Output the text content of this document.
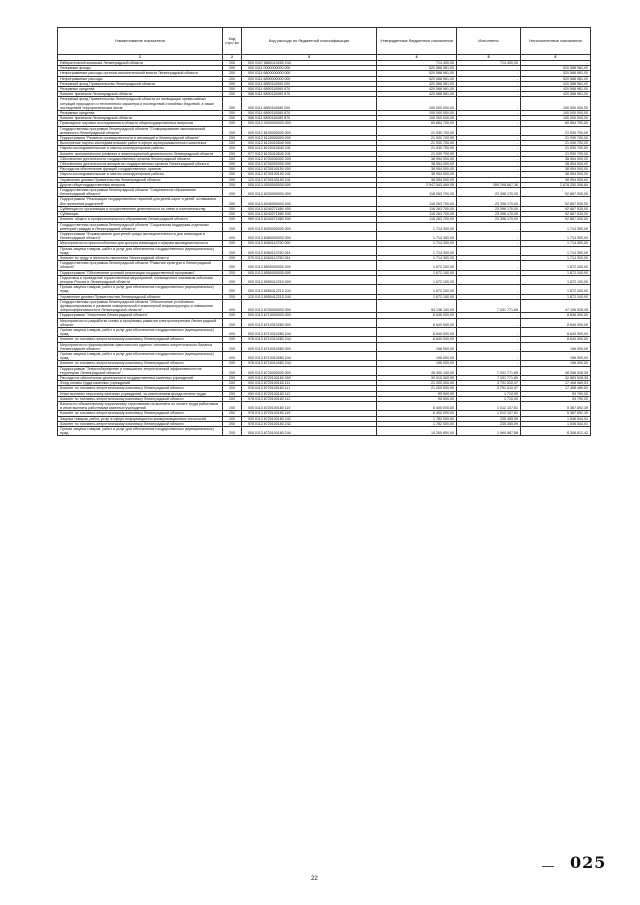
Наименование показателя	Код стро ки	Код расхода по бюджетной классификации	Утвержденные бюджетные назначения	Исполнено	Неисполненные назначения
1	2	3	4	5	6
Избирательной комиссии Ленинградской области	200	000 0107 6880110050 244	714 400,00	714 400,00	-
Резервные фонды	200	000 0111 0000000000 000	520 588 981,00	-	520 588 981,00
Непрограммные расходы органов исполнительной власти Ленинградской области	200	000 0111 6800000000 000	520 588 981,00	-	520 588 981,00
Непрограммные расходы	200	000 0111 6890000000 000	520 588 981,00	-	520 588 981,00
Резервный фонд Правительства Ленинградской области	200	000 0111 6890110060 000	420 588 981,00	-	420 588 981,00
Резервные средства	200	000 0111 6890110060 870	420 588 981,00	-	420 588 981,00
Комитет финансов Ленинградской области	200	986 0111 6890110060 870	420 588 981,00	-	420 588 981,00
Резервный фонд Правительства Ленинградской области по ликвидации чрезвычайных ситуаций природного и техногенного характера и последствий стихийных бедствий, а также последствий террористических актов	200	000 0111 6890110080 000	100 000 000,00	-	100 000 000,00
Резервные средства	200	000 0111 6890110080 870	100 000 000,00	-	100 000 000,00
Комитет финансов Ленинградской области	200	986 0111 6890110080 870	100 000 000,00	-	100 000 000,00
Прикладные научные исследования в области общегосударственных вопросов	200	000 0112 0000000000 000	60 884 700,00	-	60 884 700,00
Государственная программа Ленинградской области "Стимулирование экономической активности Ленинградской области"	200	000 0112 6100000000 000	21 930 700,00	-	21 930 700,00
Подпрограмма "Развитие промышленности и инноваций в Ленинградской области"	200	000 0112 6120000000 000	21 930 700,00	-	21 930 700,00
Выполнение научно-исследовательских работ в сфере агропромышленного комплекса	200	000 0112 6120410540 000	21 930 700,00	-	21 930 700,00
Научно-исследовательские и опытно-конструкторские работы	200	000 0112 6120410540 241	21 930 700,00	-	21 930 700,00
Комитет экономического развития и инвестиционной деятельности Ленинградской области	200	977 0112 6120410540 241	21 930 700,00	-	21 930 700,00
Обеспечение деятельности государственных органов Ленинградской области	200	000 0112 6700000000 000	38 954 000,00	-	38 954 000,00
Обеспечение деятельности аппаратов государственных органов Ленинградской области	200	000 0112 6730000000 000	38 954 000,00	-	38 954 000,00
Расходы на обеспечение функций государственных органов	200	000 0112 6730100150 000	38 954 000,00	-	38 954 000,00
Научно-исследовательские и опытно-конструкторские работы	200	000 0112 6730100150 241	38 954 000,00	-	38 954 000,00
Управление делами Правительства Ленинградской области	200	120 0112 6730100150 241	38 954 000,00	-	38 954 000,00
Другие общегосударственные вопросы	200	000 0113 0000000000 000	2 947 543 469,00	269 298 667,36	2 678 250 308,84
Государственная программа Ленинградской области "Современное образование Ленинградской области"	200	000 0113 6200000000 000	116 263 700,00	23 396 170,00	92 867 530,00
Подпрограмма "Реализация государственных гарантий для детей-сирот и детей, оставшихся без попечения родителей"	200	000 0113 6240000000 000	116 263 700,00	23 396 170,00	92 867 530,00
Субвенции по организации и осуществлению деятельности по опеке и попечительству	200	000 0113 6240271580 000	116 263 700,00	23 396 170,00	92 867 530,00
Субвенции	200	000 0113 6240271580 530	116 263 700,00	23 396 170,00	92 867 530,00
Комитет общего и профессионального образования Ленинградской области	200	969 0113 6240271580 530	116 263 700,00	23 396 170,00	92 867 530,00
Государственная программа Ленинградской области "Социальная поддержка отдельных категорий граждан в Ленинградской области"	200	000 0113 6300000000 000	1 714 300,00	-	1 714 300,00
Подпрограмма "Формирование доступной среды жизнедеятельности для инвалидов в Ленинградской области"	200	000 0113 6360000000 000	1 714 300,00	-	1 714 300,00
Мероприятия по приспособлению для доступа инвалидов к сферам жизнедеятельности	200	000 0113 6360113750 000	1 714 300,00	-	1 714 300,00
Прочая закупка товаров, работ и услуг для обеспечения государственных (муниципальных) нужд	200	000 0113 6360113750 244	1 714 300,00	-	1 714 300,00
Комитет по труду и занятости населения Ленинградской области	200	975 0113 6360113750 244	1 714 300,00	-	1 714 300,00
Государственная программа Ленинградской области "Развитие культуры в Ленинградской области"	200	000 0113 6500000000 000	1 672 100,00	-	1 672 100,00
Подпрограмма "Обеспечение условий реализации государственной программы"	200	000 0113 6550000000 000	1 672 100,00	-	1 672 100,00
Подготовка и проведение торжественных мероприятий, посвященных значимым событиям истории России и Ленинградской области	200	000 0113 6550412210 000	1 672 100,00	-	1 672 100,00
Прочая закупка товаров, работ и услуг для обеспечения государственных (муниципальных) нужд	200	000 0113 6550412210 244	1 672 100,00	-	1 672 100,00
Управление делами Правительства Ленинградской области	200	120 0113 6550412210 244	1 672 100,00	-	1 672 100,00
Государственная программа Ленинградской области "Обеспечение устойчивого функционирования и развития коммунальной и инженерной инфраструктуры и повышение энергоэффективности в Ленинградской области"	200	000 0113 6700000000 000	54 138 100,00	7 031 771,65	47 106 328,35
Подпрограмма "Энергетика Ленинградской области"	200	000 0113 6710000000 000	8 636 000,00	-	8 636 000,00
Мероприятия по разработке схемы и программы развития электроэнергетики Ленинградской области	200	000 0113 6710310280 000	8 640 000,00	-	8 640 000,00
Прочая закупка товаров, работ и услуг для обеспечения государственных (муниципальных) нужд	200	000 0113 6710310280 244	8 640 000,00	-	8 640 000,00
Комитет по топливно-энергетическому комплексу Ленинградской области	200	978 0113 6710310280 244	8 640 000,00	-	8 640 000,00
Мероприятия по формированию фактического единого топливно-энергетического баланса Ленинградской области	200	000 0113 6710410080 000	196 000,00	-	196 000,00
Прочая закупка товаров, работ и услуг для обеспечения государственных (муниципальных) нужд	200	000 0113 6710410080 244	196 000,00	-	196 000,00
Комитет по топливно-энергетическому комплексу Ленинградской области	200	978 0113 6710410080 244	196 000,00	-	196 000,00
Подпрограмма "Энергосбережение и повышение энергетической эффективности на территории Ленинградской области"	200	000 0113 6720000000 000	45 300 100,00	7 031 771,65	38 268 328,35
Расходы на обеспечение деятельности государственных казенных учреждений	200	000 0113 6720100160 000	39 915 300,00	7 031 771,65	32 883 528,35
Фонд оплаты труда казенных учреждений	200	000 0113 6720100160 111	21 200 000,00	3 791 510,47	17 408 489,53
Комитет по топливно-энергетическому комплексу Ленинградской области	200	978 0113 6720100160 111	21 200 000,00	3 791 510,47	17 408 489,53
Иные выплаты персоналу казенных учреждений, за исключением фонда оплаты труда	200	000 0113 6720100160 112	95 500,00	1 710,00	93 790,00
Комитет по топливно-энергетическому комплексу Ленинградской области	200	978 0113 6720100160 112	95 500,00	1 710,00	93 790,00
Взносы по обязательному социальному страхованию на выплаты по оплате труда работников и иные выплаты работникам казенных учреждений	200	000 0113 6720100160 119	6 400 000,00	1 012 107,61	5 387 892,39
Комитет по топливно-энергетическому комплексу Ленинградской области	200	978 0113 6720100160 119	6 400 000,00	1 012 107,61	5 387 892,39
Закупка товаров, работ, услуг в сфере информационно-коммуникационных технологий	200	000 0113 6720100160 242	1 782 000,00	235 455,99	1 546 544,01
Комитет по топливно-энергетическому комплексу Ленинградской области	200	978 0113 6720100160 242	1 782 000,00	235 455,99	1 546 544,01
Прочая закупка товаров, работ и услуг для обеспечения государственных (муниципальных) нужд	200	000 0113 6720100160 244	10 269 800,00	1 960 987,58	8 308 812,42
22
025
